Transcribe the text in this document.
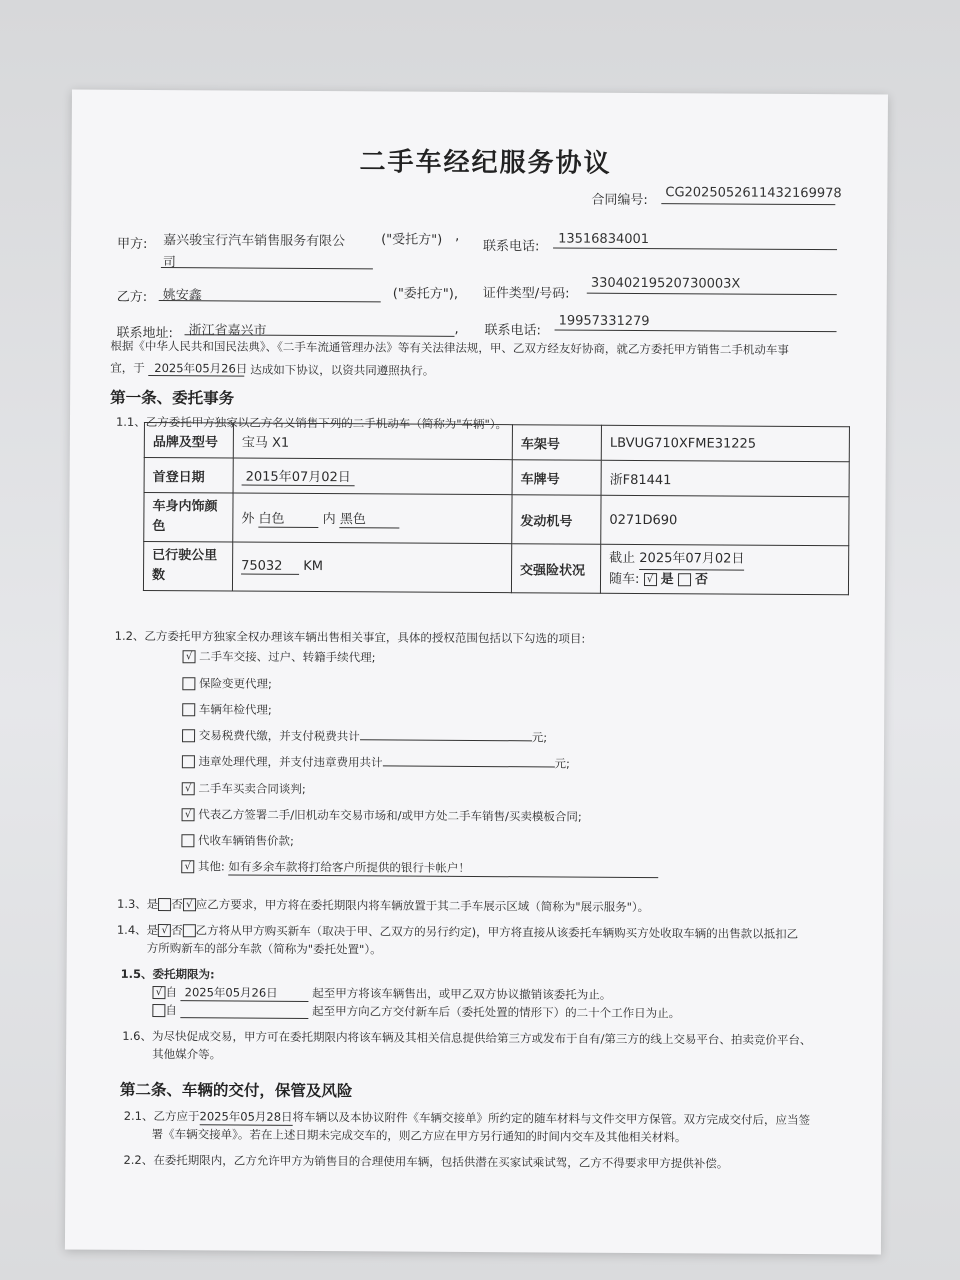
二手车经纪服务协议
合同编号: CG2025052611432169978
甲方: 嘉兴骏宝行汽车销售服务有限公	("受托方") ,
司
联系电话: 13516834001
乙方: 姚安鑫	("委托方"), 证件类型/号码:
33040219520730003X
联系地址: 浙江省嘉兴市	, 联系电话:
19957331279
根据《中华人民共和国民法典》、《二手车流通管理办法》等有关法律法规，甲、乙双方经友好协商，就乙方委托甲方销售二手机动车事
宜，于 2025年05月26日 达成如下协议，以资共同遵照执行。
第一条、委托事务
1.1、乙方委托甲方独家以乙方名义销售下列的二手机动车（简称为"车辆"）。
品牌及型号	宝马 X1	车架号	LBVUG710XFME31225
首登日期	2015年07月02日	车牌号	浙F81441
车身内饰颜
色	外 白色 内 黑色	发动机号	0271D690
已行驶公里
数	75032 KM	交强险状况	截止 2025年07月02日
随车: √ 是 否
1.2、乙方委托甲方独家全权办理该车辆出售相关事宜，具体的授权范围包括以下勾选的项目:
√ 二手车交接、过户、转籍手续代理;
保险变更代理;
车辆年检代理;
交易税费代缴，并支付税费共计	元;
违章处理代理，并支付违章费用共计	元;
√ 二手车买卖合同谈判;
√ 代表乙方签署二手/旧机动车交易市场和/或甲方处二手车销售/买卖模板合同;
代收车辆销售价款;
√ 其他: 如有多余车款将打给客户所提供的银行卡帐户！
1.3、是 否 √ 应乙方要求，甲方将在委托期限内将车辆放置于其二手车展示区域（简称为"展示服务"）。
1.4、是 √ 否 乙方将从甲方购买新车（取决于甲、乙双方的另行约定)，甲方将直接从该委托车辆购买方处收取车辆的出售款以抵扣乙
方所购新车的部分车款（简称为"委托处置"）。
1.5、委托期限为:
√ 自 2025年05月26日	起至甲方将该车辆售出，或甲乙双方协议撤销该委托为止。
自	起至甲方向乙方交付新车后（委托处置的情形下）的二十个工作日为止。
1.6、为尽快促成交易，甲方可在委托期限内将该车辆及其相关信息提供给第三方或发布于自有/第三方的线上交易平台、拍卖竞价平台、
其他媒介等。
第二条、车辆的交付，保管及风险
2.1、乙方应于2025年05月28日将车辆以及本协议附件《车辆交接单》所约定的随车材料与文件交甲方保管。双方完成交付后，应当签
署《车辆交接单》。若在上述日期未完成交车的，则乙方应在甲方另行通知的时间内交车及其他相关材料。
2.2、在委托期限内，乙方允许甲方为销售目的合理使用车辆，包括供潜在买家试乘试驾，乙方不得要求甲方提供补偿。
